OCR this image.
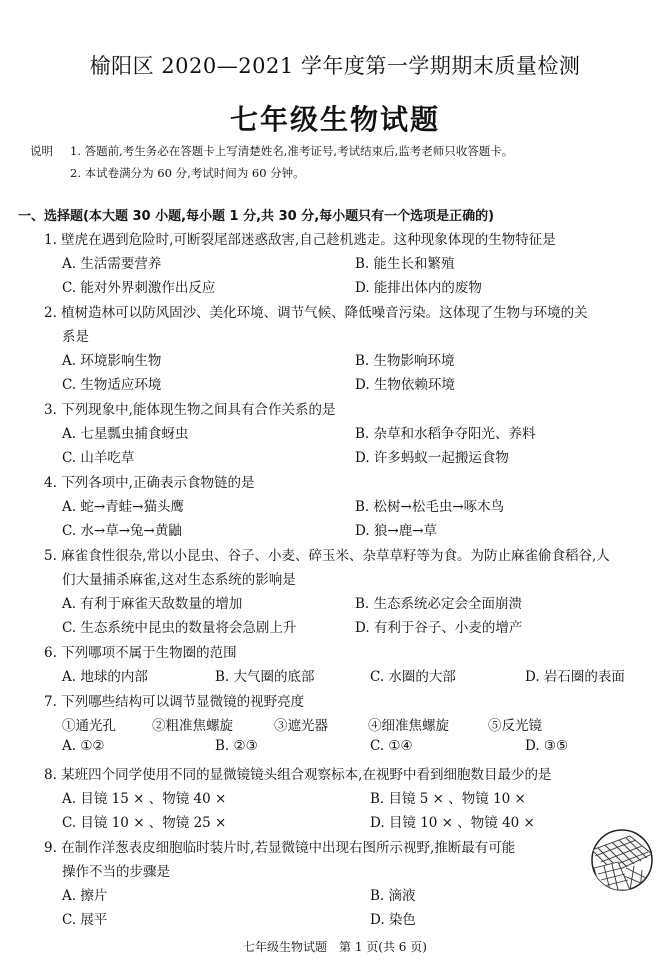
榆阳区 2020—2021 学年度第一学期期末质量检测
七年级生物试题
说明	1. 答题前,考生务必在答题卡上写清楚姓名,准考证号,考试结束后,监考老师只收答题卡。
2. 本试卷满分为 60 分,考试时间为 60 分钟。
一、选择题(本大题 30 小题,每小题 1 分,共 30 分,每小题只有一个选项是正确的)
1. 壁虎在遇到危险时,可断裂尾部迷惑敌害,自己趁机逃走。这种现象体现的生物特征是
A. 生活需要营养	B. 能生长和繁殖
C. 能对外界刺激作出反应	D. 能排出体内的废物
2. 植树造林可以防风固沙、美化环境、调节气候、降低噪音污染。这体现了生物与环境的关
系是
A. 环境影响生物	B. 生物影响环境
C. 生物适应环境	D. 生物依赖环境
3. 下列现象中,能体现生物之间具有合作关系的是
A. 七星瓢虫捕食蚜虫	B. 杂草和水稻争夺阳光、养料
C. 山羊吃草	D. 许多蚂蚁一起搬运食物
4. 下列各项中,正确表示食物链的是
A. 蛇→青蛙→猫头鹰	B. 松树→松毛虫→啄木鸟
C. 水→草→兔→黄鼬	D. 狼→鹿→草
5. 麻雀食性很杂,常以小昆虫、谷子、小麦、碎玉米、杂草草籽等为食。为防止麻雀偷食稻谷,人
们大量捕杀麻雀,这对生态系统的影响是
A. 有利于麻雀天敌数量的增加	B. 生态系统必定会全面崩溃
C. 生态系统中昆虫的数量将会急剧上升	D. 有利于谷子、小麦的增产
6. 下列哪项不属于生物圈的范围
A. 地球的内部	B. 大气圈的底部	C. 水圈的大部	D. 岩石圈的表面
7. 下列哪些结构可以调节显微镜的视野亮度
①通光孔	②粗准焦螺旋	③遮光器	④细准焦螺旋	⑤反光镜
A. ①②	B. ②③	C. ①④	D. ③⑤
8. 某班四个同学使用不同的显微镜镜头组合观察标本,在视野中看到细胞数目最少的是
A. 目镜 15 × 、物镜 40 ×	B. 目镜 5 × 、物镜 10 ×
C. 目镜 10 × 、物镜 25 ×	D. 目镜 10 × 、物镜 40 ×
9. 在制作洋葱表皮细胞临时装片时,若显微镜中出现右图所示视野,推断最有可能
操作不当的步骤是
A. 擦片	B. 滴液
C. 展平	D. 染色
七年级生物试题　第 1 页(共 6 页)
